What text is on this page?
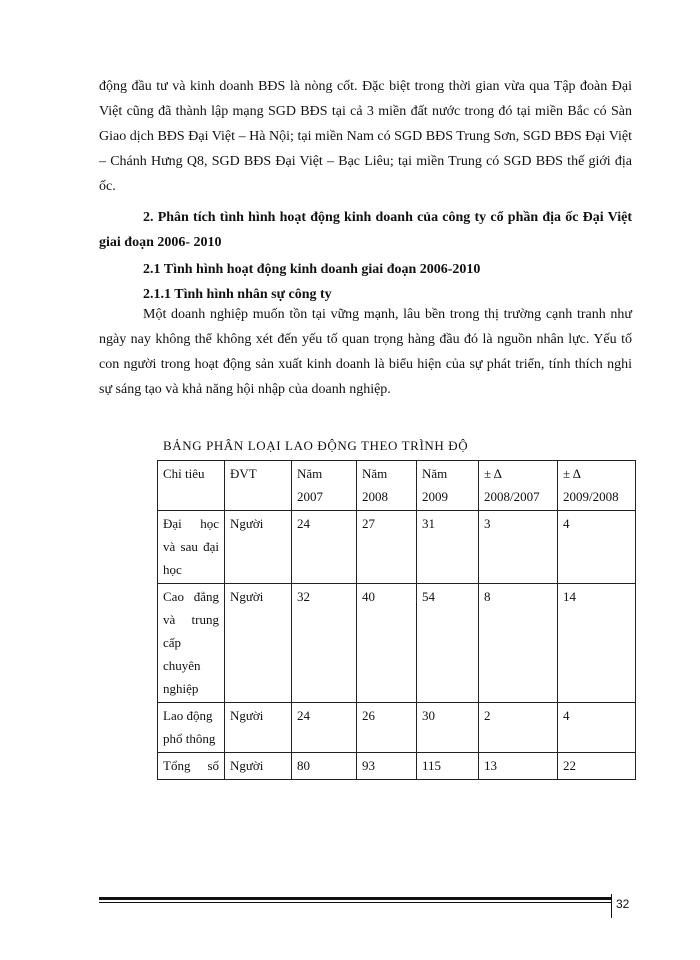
động đầu tư và kinh doanh BĐS là nòng cốt. Đặc biệt trong thời gian vừa qua Tập đoàn Đại Việt cũng đã thành lập mạng SGD BĐS tại cả 3 miền đất nước trong đó tại miền Bắc có Sàn Giao dịch BĐS Đại Việt – Hà Nội; tại miền Nam có SGD BĐS Trung Sơn, SGD BĐS Đại Việt – Chánh Hưng Q8, SGD BĐS Đại Việt – Bạc Liêu; tại miền Trung có SGD BĐS thế giới địa ốc.

2. Phân tích tình hình hoạt động kinh doanh của công ty cổ phần địa ốc Đại Việt giai đoạn 2006- 2010

2.1 Tình hình hoạt động kinh doanh giai đoạn 2006-2010

2.1.1 Tình hình nhân sự công ty

Một doanh nghiệp muốn tồn tại vững mạnh, lâu bền trong thị trường cạnh tranh như ngày nay không thể không xét đến yếu tố quan trọng hàng đầu đó là nguồn nhân lực. Yếu tố con người trong hoạt động sản xuất kinh doanh là biểu hiện của sự phát triển, tính thích nghi sự sáng tạo và khả năng hội nhập của doanh nghiệp.

BẢNG PHÂN LOẠI LAO ĐỘNG THEO TRÌNH ĐỘ

Chỉ tiêu	ĐVT	Năm 2007	Năm 2008	Năm 2009	± Δ 2008/2007	± Δ 2009/2008
Đại học và sau đại học	Người	24	27	31	3	4
Cao đẳng và trung cấp chuyên nghiệp	Người	32	40	54	8	14
Lao động phổ thông	Người	24	26	30	2	4
Tổng số	Người	80	93	115	13	22

32
